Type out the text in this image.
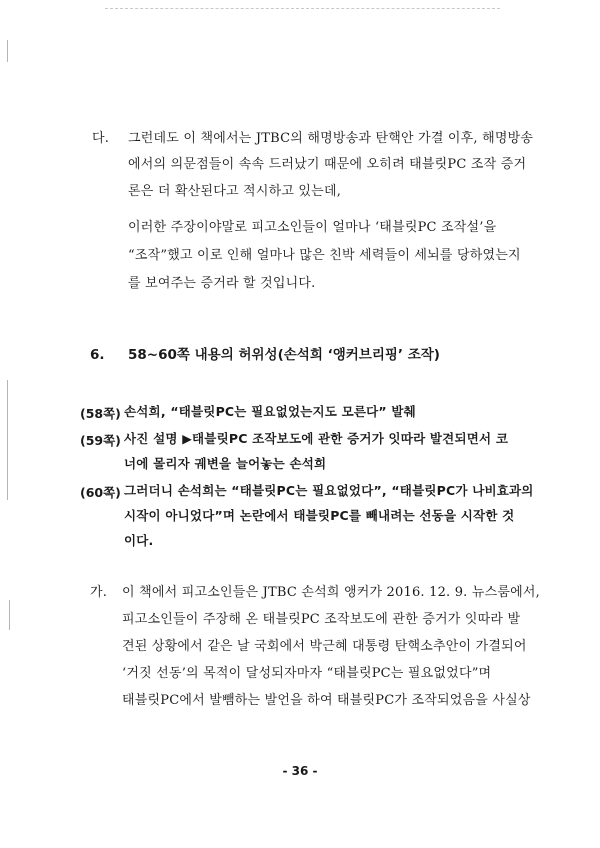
다. 그런데도 이 책에서는 JTBC의 해명방송과 탄핵안 가결 이후, 해명방송
에서의 의문점들이 속속 드러났기 때문에 오히려 태블릿PC 조작 증거
론은 더 확산된다고 적시하고 있는데,
이러한 주장이야말로 피고소인들이 얼마나 ‘태블릿PC 조작설’을
“조작”했고 이로 인해 얼마나 많은 친박 세력들이 세뇌를 당하였는지
를 보여주는 증거라 할 것입니다.
6. 58~60쪽 내용의 허위성(손석희 ‘앵커브리핑’ 조작)
(58쪽) 손석희, “태블릿PC는 필요없었는지도 모른다” 발췌
(59쪽) 사진 설명 ▶태블릿PC 조작보도에 관한 증거가 잇따라 발견되면서 코
너에 몰리자 궤변을 늘어놓는 손석희
(60쪽) 그러더니 손석희는 “태블릿PC는 필요없었다”, “태블릿PC가 나비효과의
시작이 아니었다”며 논란에서 태블릿PC를 빼내려는 선동을 시작한 것
이다.
가. 이 책에서 피고소인들은 JTBC 손석희 앵커가 2016. 12. 9. 뉴스룸에서,
피고소인들이 주장해 온 태블릿PC 조작보도에 관한 증거가 잇따라 발
견된 상황에서 같은 날 국회에서 박근혜 대통령 탄핵소추안이 가결되어
‘거짓 선동’의 목적이 달성되자마자 “태블릿PC는 필요없었다”며
태블릿PC에서 발뺌하는 발언을 하여 태블릿PC가 조작되었음을 사실상
- 36 -
